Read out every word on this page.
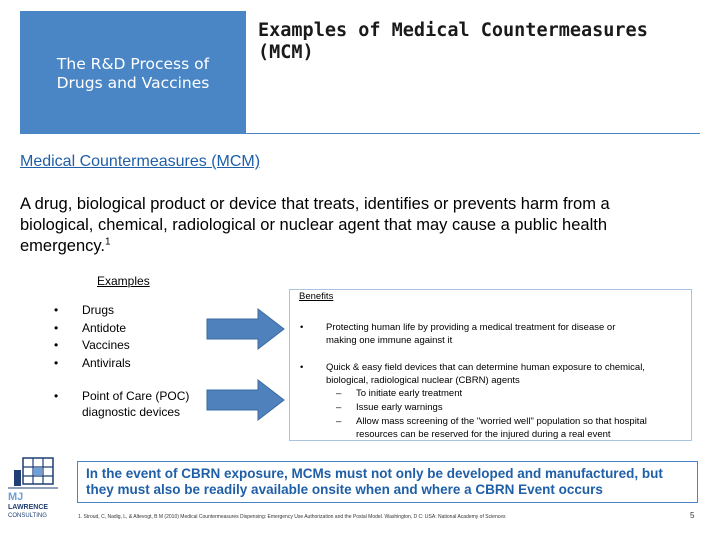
The R&D Process of
Drugs and Vaccines
Examples of Medical Countermeasures (MCM)
Medical Countermeasures (MCM)
A drug, biological product or device that treats, identifies or prevents harm from a biological, chemical, radiological or nuclear agent that may cause a public health emergency.$^1$
Examples
• Drugs
• Antidote
• Vaccines
• Antivirals
• Point of Care (POC)
diagnostic devices
Benefits
• Protecting human life by providing a medical treatment for disease or
making one immune against it
• Quick & easy field devices that can determine human exposure to chemical,
biological, radiological nuclear (CBRN) agents
– To initiate early treatment
– Issue early warnings
– Allow mass screening of the "worried well" population so that hospital
resources can be reserved for the injured during a real event
MJ
LAWRENCE
CONSULTING
In the event of CBRN exposure, MCMs must not only be developed and manufactured, but they must also be readily available onsite when and where a CBRN Event occurs
1. Stroud, C, Nadig, L, & Altevogt, B M (2010) Medical Countermeasures Dispensing: Emergency Use Authorization and the Postal Model. Washington, D C: USA: National Academy of Sciences	5
